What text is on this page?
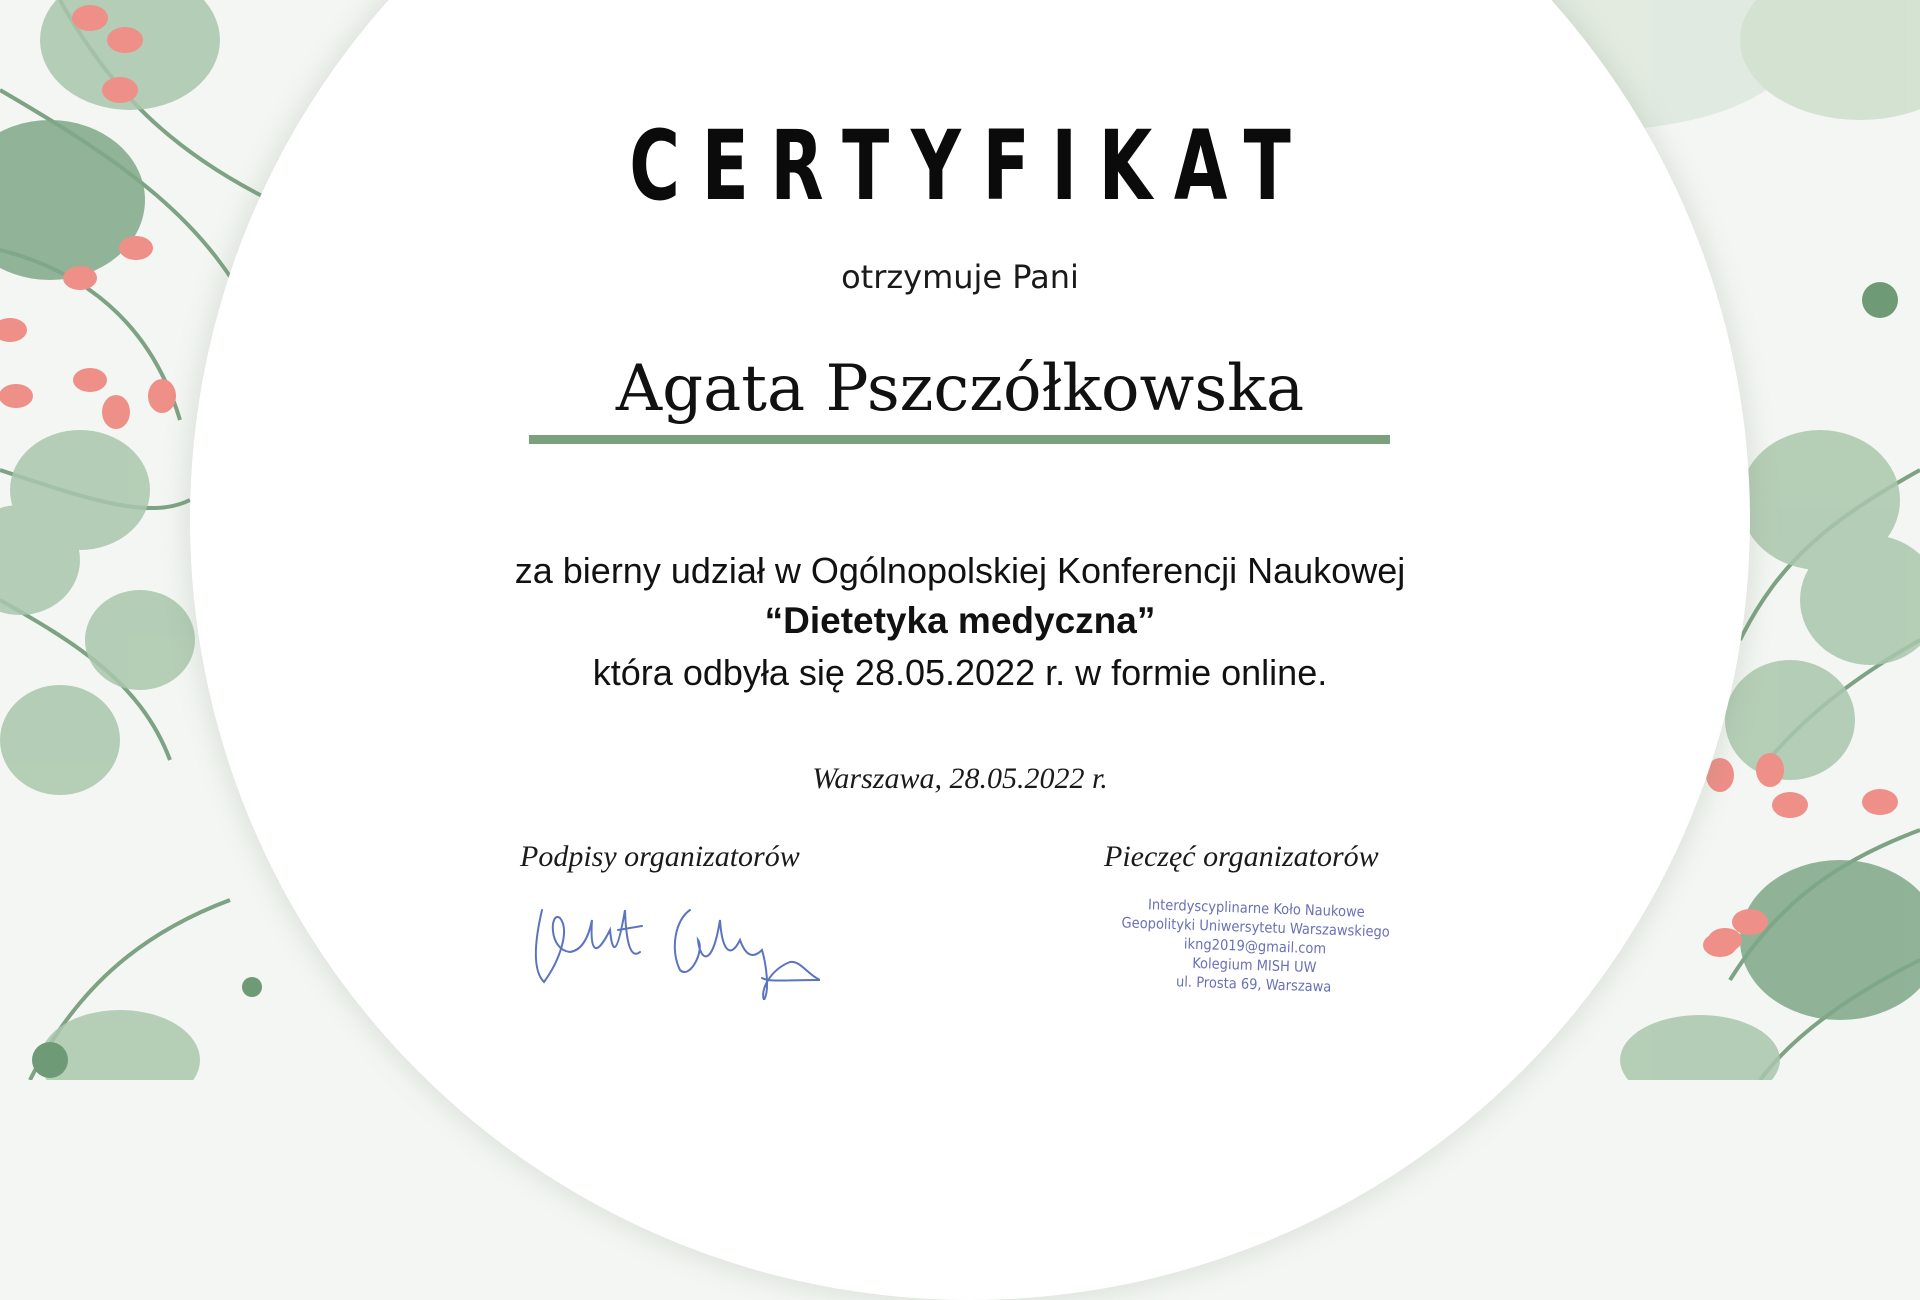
CERTYFIKAT
otrzymuje Pani
Agata Pszczółkowska
za bierny udział w Ogólnopolskiej Konferencji Naukowej
“Dietetyka medyczna”
która odbyła się 28.05.2022 r. w formie online.
Warszawa, 28.05.2022 r.
Podpisy organizatorów	Pieczęć organizatorów
Interdyscyplinarne Koło Naukowe
Geopolityki Uniwersytetu Warszawskiego
ikng2019@gmail.com
Kolegium MISH UW
ul. Prosta 69, Warszawa
